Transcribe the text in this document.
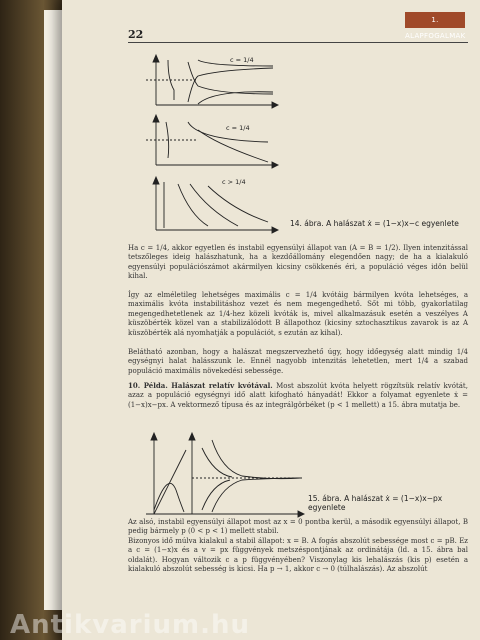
22
1. ALAPFOGALMAK
c = 1/4
c = 1/4
c > 1/4
14. ábra. A halászat ẋ = (1−x)x−c egyenlete

Ha c = 1/4, akkor egyetlen és instabil egyensúlyi állapot van (A = B = 1/2). Ilyen intenzitással tetszőleges ideig halászhatunk, ha a kezdőállomány elegendően nagy; de ha a kialakuló egyensúlyi populációszámot akármilyen kicsiny csökkenés éri, a populáció véges idön belül kihal.

Így az elméletileg lehetséges maximális c = 1/4 kvótáig bármilyen kvóta lehetséges, a maximális kvóta instabilitáshoz vezet és nem megengedhető. Sőt mi több, gyakorlatilag megengedhetetlenek az 1/4-hez közeli kvóták is, mivel alkalmazásuk esetén a veszélyes A küszöbérték közel van a stabilizálódott B állapothoz (kicsiny sztochasztikus zavarok is az A küszöbérték alá nyomhatják a populációt, s ezután az kihal).

Belátható azonban, hogy a halászat megszervezhető úgy, hogy időegység alatt mindig 1/4 egységnyi halat halásszunk le. Ennél nagyobb intenzitás lehetetlen, mert 1/4 a szabad populáció maximális növekedési sebessége.

10. Példa. Halászat relatív kvótával. Most abszolút kvóta helyett rögzítsük relatív kvótát, azaz a populáció egységnyi idő alatt kifogható hányadát! Ekkor a folyamat egyenlete ẋ = (1−x)x−px. A vektormező típusa és az integrálgörbéket (p < 1 mellett) a 15. ábra mutatja be.

15. ábra. A halászat ẋ = (1−x)x−px egyenlete

Az alsó, instabil egyensúlyi állapot most az x = 0 pontba kerül, a második egyensúlyi állapot, B pedig bármely p (0 < p < 1) mellett stabil.

Bizonyos idő múlva kialakul a stabil állapot: x = B. A fogás abszolút sebessége most c = pB. Ez a c = (1−x)x és a v = px függvények metszéspontjának az ordinátája (ld. a 15. ábra bal oldalát). Hogyan változik c a p függvényében? Viszonylag kis lehalászás (kis p) esetén a kialakuló abszolút sebesség is kicsi. Ha p → 1, akkor c → 0 (túlhalászás). Az abszolút

Antikvarium.hu
